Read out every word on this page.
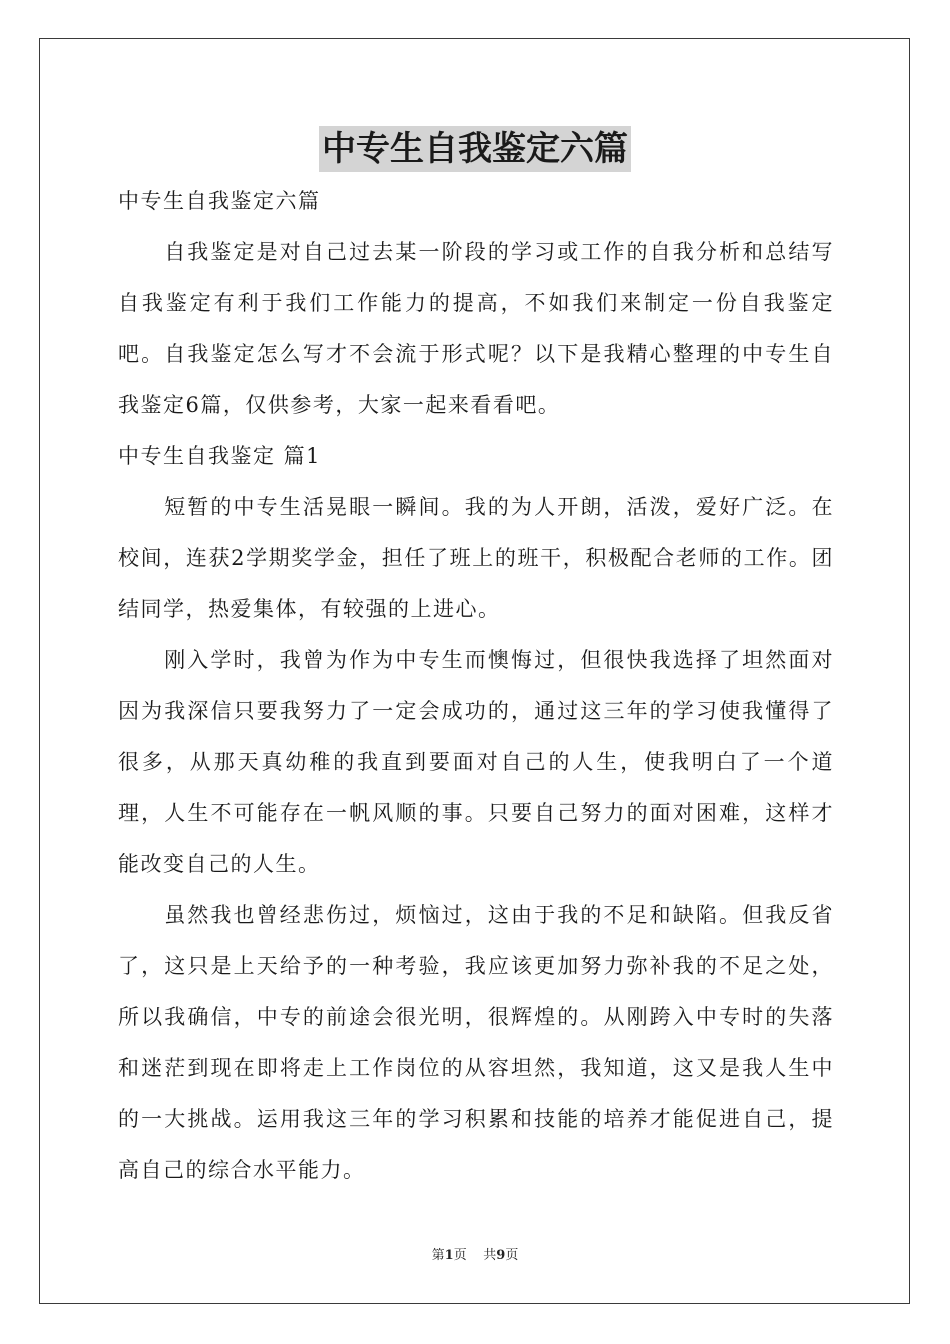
中专生自我鉴定六篇

中专生自我鉴定六篇

自我鉴定是对自己过去某一阶段的学习或工作的自我分析和总结写自我鉴定有利于我们工作能力的提高，不如我们来制定一份自我鉴定吧。自我鉴定怎么写才不会流于形式呢？以下是我精心整理的中专生自我鉴定6篇，仅供参考，大家一起来看看吧。

中专生自我鉴定 篇1

短暂的中专生活晃眼一瞬间。我的为人开朗，活泼，爱好广泛。在校间，连获2学期奖学金，担任了班上的班干，积极配合老师的工作。团结同学，热爱集体，有较强的上进心。

刚入学时，我曾为作为中专生而懊悔过，但很快我选择了坦然面对因为我深信只要我努力了一定会成功的，通过这三年的学习使我懂得了很多，从那天真幼稚的我直到要面对自己的人生，使我明白了一个道理，人生不可能存在一帆风顺的事。只要自己努力的面对困难，这样才能改变自己的人生。

虽然我也曾经悲伤过，烦恼过，这由于我的不足和缺陷。但我反省了，这只是上天给予的一种考验，我应该更加努力弥补我的不足之处，所以我确信，中专的前途会很光明，很辉煌的。从刚跨入中专时的失落和迷茫到现在即将走上工作岗位的从容坦然，我知道，这又是我人生中的一大挑战。运用我这三年的学习积累和技能的培养才能促进自己，提高自己的综合水平能力。

第1页 共9页
